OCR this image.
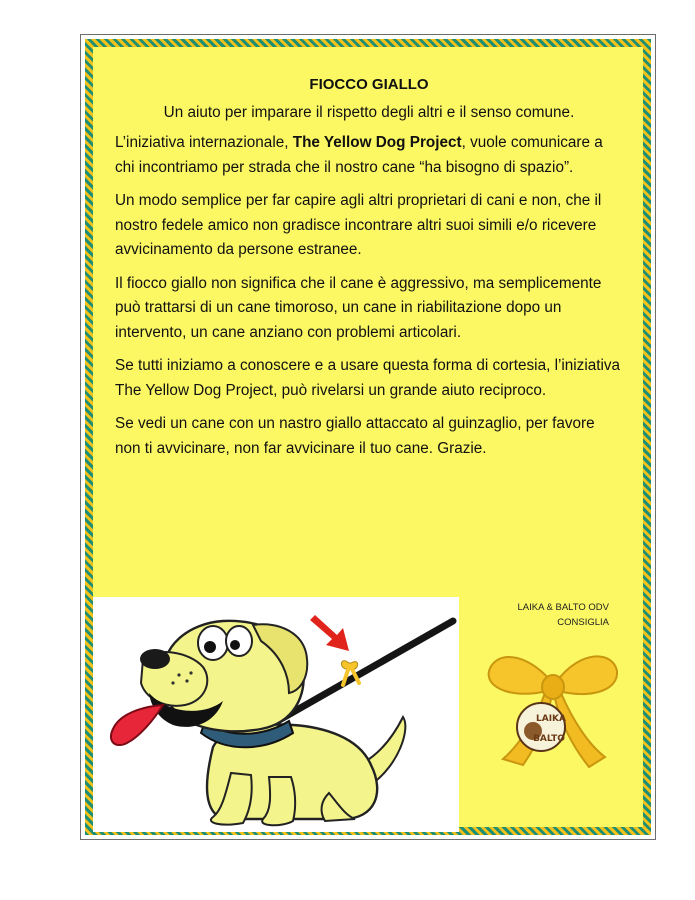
FIOCCO GIALLO

Un aiuto per imparare il rispetto degli altri e il senso comune.

L’iniziativa internazionale, The Yellow Dog Project, vuole comunicare a chi incontriamo per strada che il nostro cane “ha bisogno di spazio”.

Un modo semplice per far capire agli altri proprietari di cani e non, che il nostro fedele amico non gradisce incontrare altri suoi simili e/o ricevere avvicinamento da persone estranee.

Il fiocco giallo non significa che il cane è aggressivo, ma semplicemente può trattarsi di un cane timoroso, un cane in riabilitazione dopo un intervento, un cane anziano con problemi articolari.

Se tutti iniziamo a conoscere e a usare questa forma di cortesia, l’iniziativa The Yellow Dog Project, può rivelarsi un grande aiuto reciproco.

Se vedi un cane con un nastro giallo attaccato al guinzaglio, per favore non ti avvicinare, non far avvicinare il tuo cane. Grazie.

LAIKA & BALTO ODV
CONSIGLIA
LAIKA
BALTO
